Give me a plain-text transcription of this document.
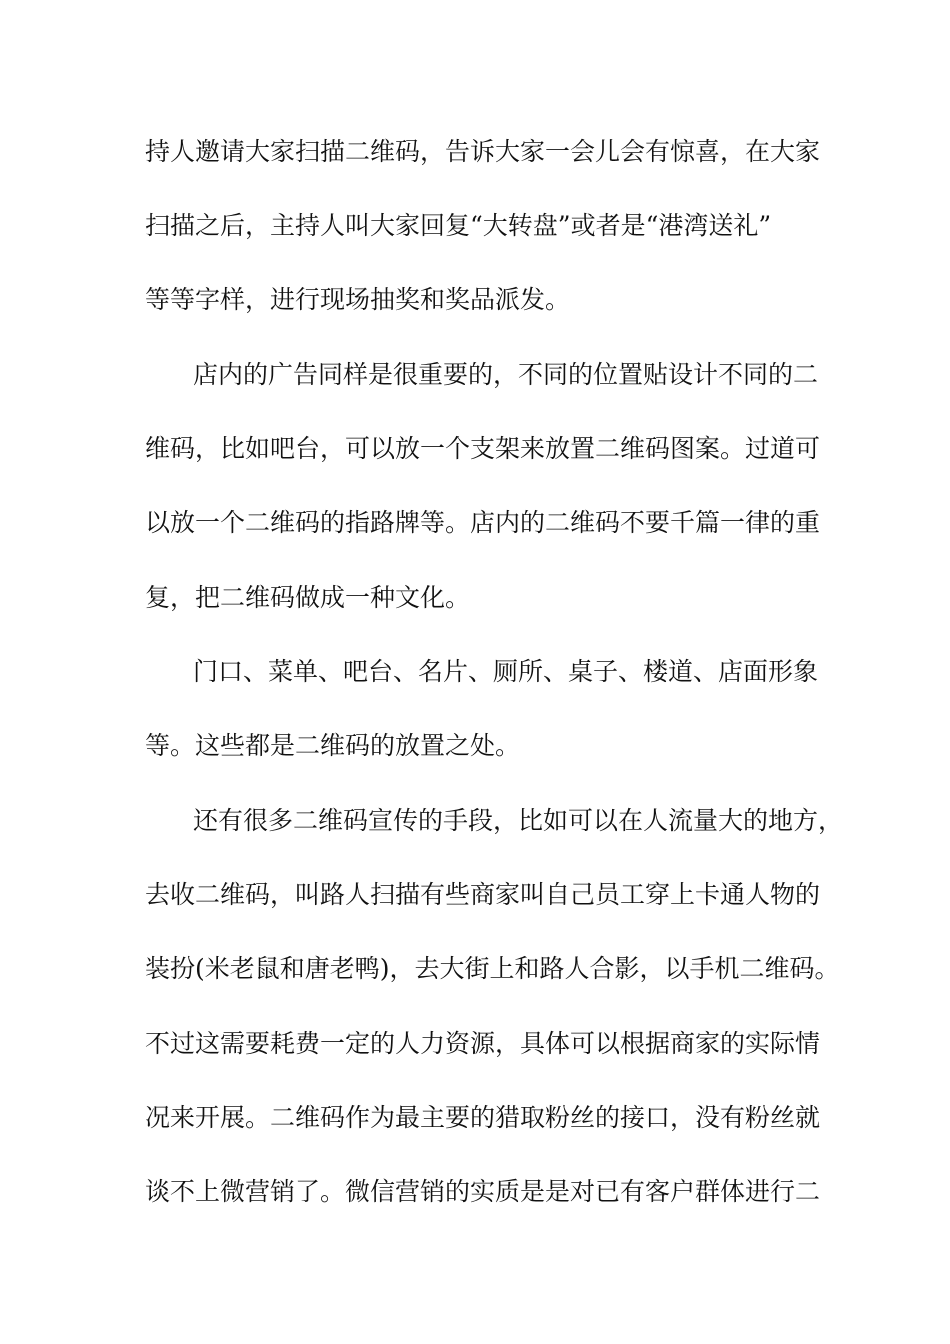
持人邀请大家扫描二维码，告诉大家一会儿会有惊喜，在大家
扫描之后，主持人叫大家回复“大转盘”或者是“港湾送礼”
等等字样，进行现场抽奖和奖品派发。
店内的广告同样是很重要的，不同的位置贴设计不同的二
维码，比如吧台，可以放一个支架来放置二维码图案。过道可
以放一个二维码的指路牌等。店内的二维码不要千篇一律的重
复，把二维码做成一种文化。
门口、菜单、吧台、名片、厕所、桌子、楼道、店面形象
等。这些都是二维码的放置之处。
还有很多二维码宣传的手段，比如可以在人流量大的地方，
去收二维码，叫路人扫描有些商家叫自己员工穿上卡通人物的
装扮(米老鼠和唐老鸭)，去大街上和路人合影，以手机二维码。
不过这需要耗费一定的人力资源，具体可以根据商家的实际情
况来开展。二维码作为最主要的猎取粉丝的接口，没有粉丝就
谈不上微营销了。微信营销的实质是是对已有客户群体进行二
